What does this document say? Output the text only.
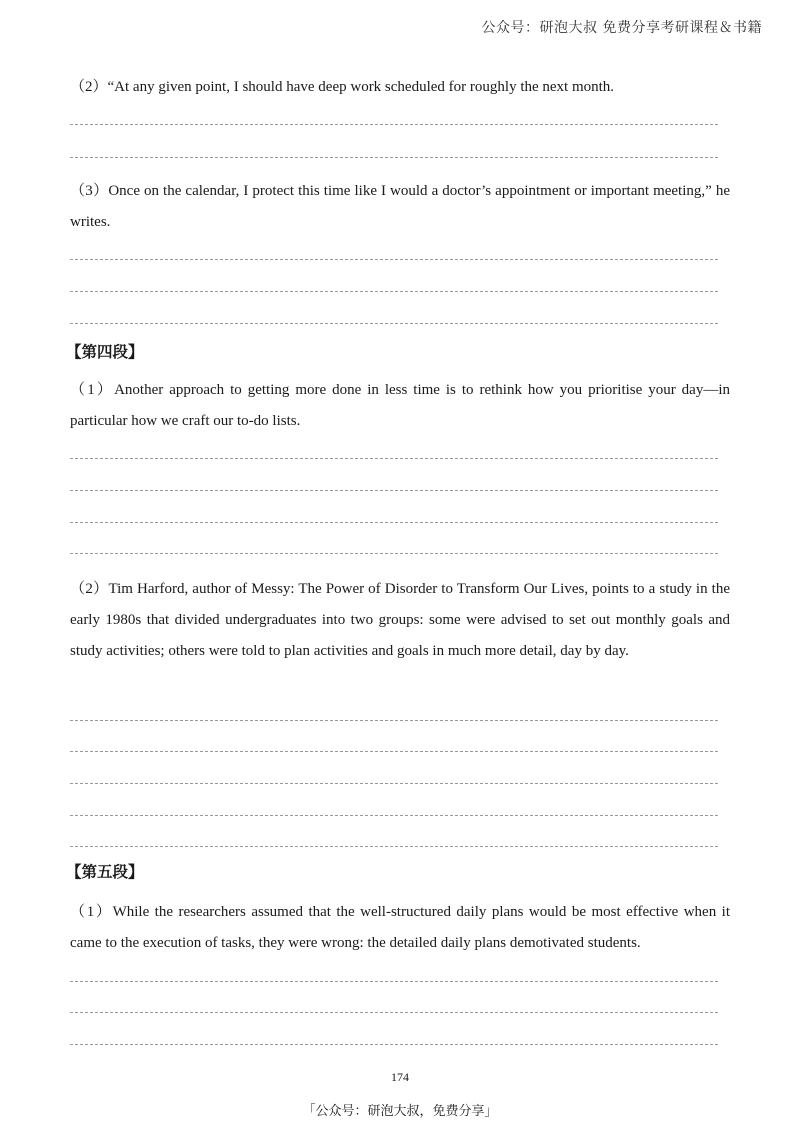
公众号：研泡大叔 免费分享考研课程＆书籍
（2）“At any given point, I should have deep work scheduled for roughly the next month.
（3）Once on the calendar, I protect this time like I would a doctor’s appointment or important meeting,” he writes.
【第四段】
（1）Another approach to getting more done in less time is to rethink how you prioritise your day—in particular how we craft our to-do lists.
（2）Tim Harford, author of Messy: The Power of Disorder to Transform Our Lives, points to a study in the early 1980s that divided undergraduates into two groups: some were advised to set out monthly goals and study activities; others were told to plan activities and goals in much more detail, day by day.
【第五段】
（1）While the researchers assumed that the well-structured daily plans would be most effective when it came to the execution of tasks, they were wrong: the detailed daily plans demotivated students.
174
「公众号：研泡大叔，免费分享」
